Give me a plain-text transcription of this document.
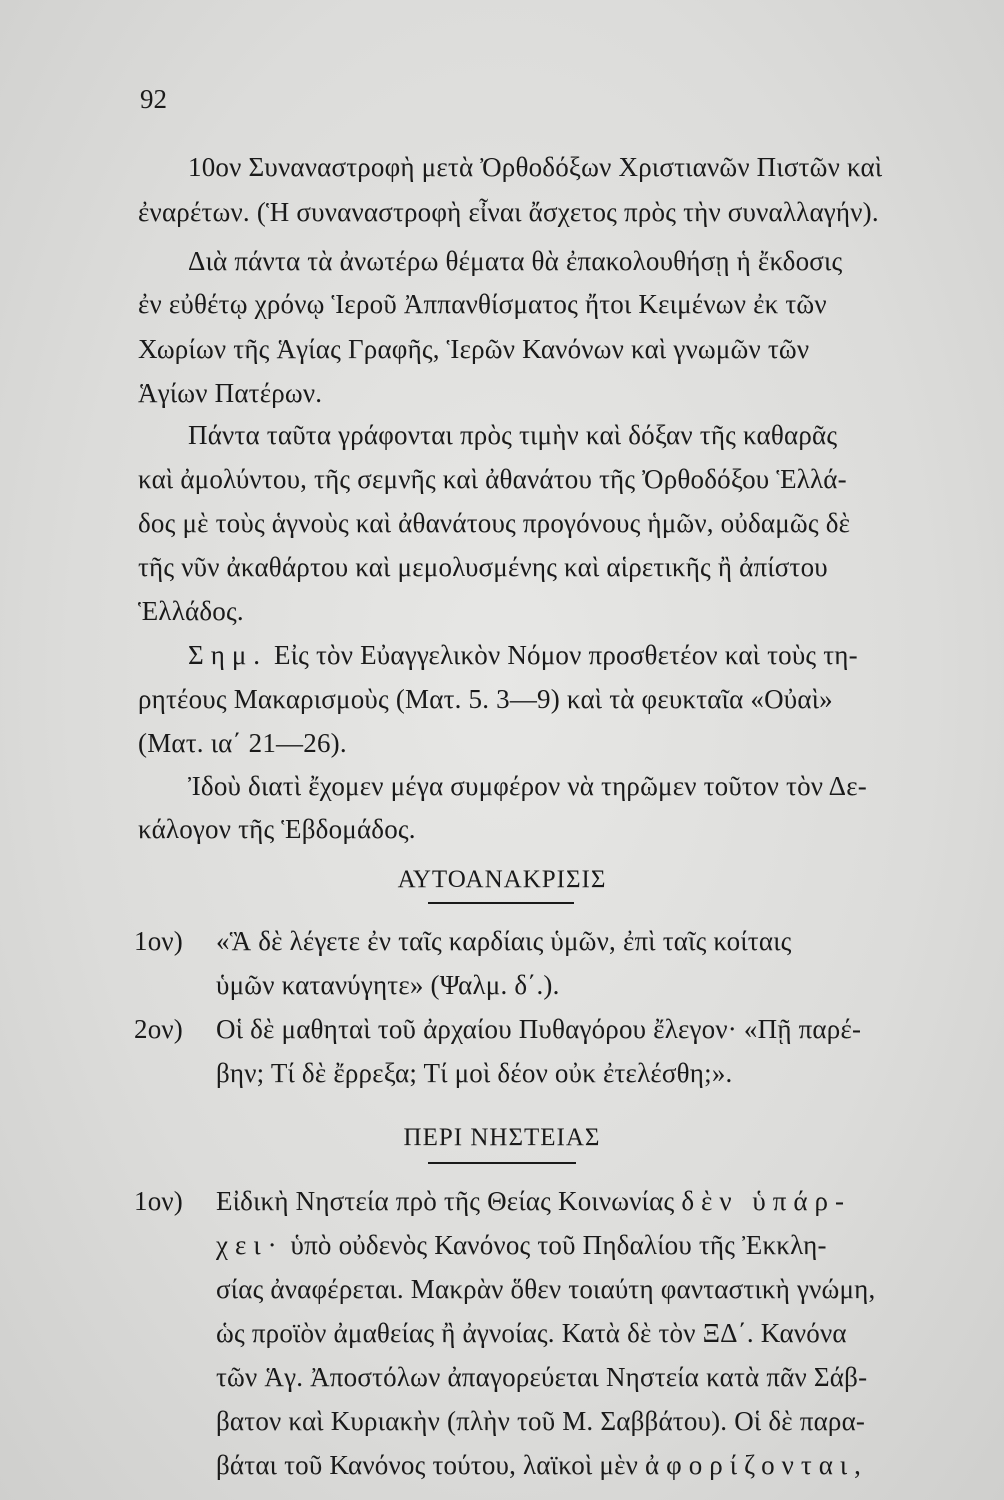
92
10ον Συναναστροφὴ μετὰ Ὀρθοδόξων Χριστιανῶν Πιστῶν καὶ
ἐναρέτων. (Ἡ συναναστροφὴ εἶναι ἄσχετος πρὸς τὴν συναλλαγήν).
Διὰ πάντα τὰ ἀνωτέρω θέματα θὰ ἐπακολουθήσῃ ἡ ἔκδοσις
ἐν εὐθέτῳ χρόνῳ Ἱεροῦ Ἀππανθίσματος ἤτοι Κειμένων ἐκ τῶν
Χωρίων τῆς Ἁγίας Γραφῆς, Ἱερῶν Κανόνων καὶ γνωμῶν τῶν
Ἁγίων Πατέρων.
Πάντα ταῦτα γράφονται πρὸς τιμὴν καὶ δόξαν τῆς καθαρᾶς
καὶ ἀμολύντου, τῆς σεμνῆς καὶ ἀθανάτου τῆς Ὀρθοδόξου Ἑλλά-
δος μὲ τοὺς ἁγνοὺς καὶ ἀθανάτους προγόνους ἡμῶν, οὐδαμῶς δὲ
τῆς νῦν ἀκαθάρτου καὶ μεμολυσμένης καὶ αἱρετικῆς ἢ ἀπίστου
Ἑλλάδος.
Σημ. Εἰς τὸν Εὐαγγελικὸν Νόμον προσθετέον καὶ τοὺς τη-
ρητέους Μακαρισμοὺς (Ματ. 5. 3—9) καὶ τὰ φευκταῖα «Οὐαὶ»
(Ματ. ια΄ 21—26).
Ἰδοὺ διατὶ ἔχομεν μέγα συμφέρον νὰ τηρῶμεν τοῦτον τὸν Δε-
κάλογον τῆς Ἑβδομάδος.
ΑΥΤΟΑΝΑΚΡΙΣΙΣ
1ον) «Ἃ δὲ λέγετε ἐν ταῖς καρδίαις ὑμῶν, ἐπὶ ταῖς κοίταις
ὑμῶν κατανύγητε» (Ψαλμ. δ΄.).
2ον) Οἱ δὲ μαθηταὶ τοῦ ἀρχαίου Πυθαγόρου ἔλεγον· «Πῇ παρέ-
βην; Τί δὲ ἔρρεξα; Τί μοὶ δέον οὐκ ἐτελέσθη;».
ΠΕΡΙ ΝΗΣΤΕΙΑΣ
1ον) Εἰδικὴ Νηστεία πρὸ τῆς Θείας Κοινωνίας δὲν ὑπάρ-
χει· ὑπὸ οὐδενὸς Κανόνος τοῦ Πηδαλίου τῆς Ἐκκλη-
σίας ἀναφέρεται. Μακρὰν ὅθεν τοιαύτη φανταστικὴ γνώμη,
ὡς προϊὸν ἀμαθείας ἢ ἀγνοίας. Κατὰ δὲ τὸν ΞΔ΄. Κανόνα
τῶν Ἁγ. Ἀποστόλων ἀπαγορεύεται Νηστεία κατὰ πᾶν Σάβ-
βατον καὶ Κυριακὴν (πλὴν τοῦ Μ. Σαββάτου). Οἱ δὲ παρα-
βάται τοῦ Κανόνος τούτου, λαϊκοὶ μὲν ἀφορίζονται,
